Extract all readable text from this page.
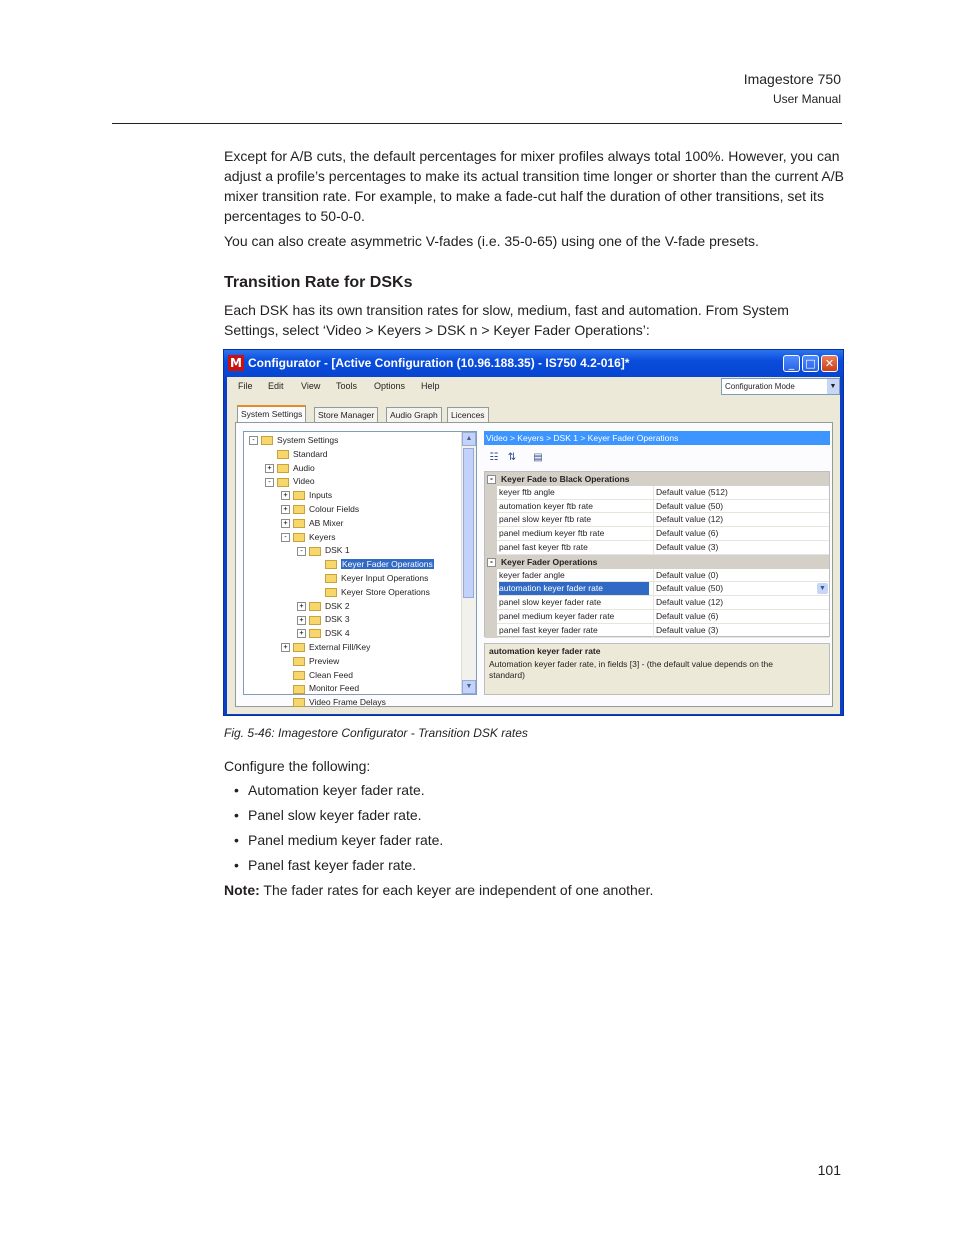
Imagestore 750
User Manual

Except for A/B cuts, the default percentages for mixer profiles always total 100%. However, you can adjust a profile’s percentages to make its actual transition time longer or shorter than the current A/B mixer transition rate. For example, to make a fade-cut half the duration of other transitions, set its percentages to 50-0-0.

You can also create asymmetric V-fades (i.e. 35-0-65) using one of the V-fade presets.

Transition Rate for DSKs

Each DSK has its own transition rates for slow, medium, fast and automation. From System Settings, select ‘Video > Keyers > DSK n > Keyer Fader Operations’:

M Configurator - [Active Configuration (10.96.188.35) - IS750 4.2-016]*	_	□ ✕
File Edit View Tools Options Help	Configuration Mode	▼
System Settings	Store Manager	Audio Graph	Licences
Video Frame Delays
Monitor Feed
Clean Feed
Preview
+	External Fill/Key
+	DSK 4
+	DSK 3
+	DSK 2
Keyer Store Operations
Keyer Input Operations
Keyer Fader Operations
-	DSK 1
-	Keyers
+	AB Mixer
+	Colour Fields
+	Inputs
-	Video
+	Audio
Standard
-	System Settings	▲
▼
Video > Keyers > DSK 1 > Keyer Fader Operations
☷ ⇅	▤
- Keyer Fade to Black Operations
keyer ftb angle	Default value (512)
automation keyer ftb rate	Default value (50)
panel slow keyer ftb rate	Default value (12)
panel medium keyer ftb rate	Default value (6)
panel fast keyer ftb rate	Default value (3)
- Keyer Fader Operations
keyer fader angle	Default value (0)
automation keyer fader rate	Default value (50)	▼
panel slow keyer fader rate	Default value (12)
panel medium keyer fader rate	Default value (6)
panel fast keyer fader rate	Default value (3)
automation keyer fader rate
Automation keyer fader rate, in fields [3] - (the default value depends on the standard)
Fig. 5-46: Imagestore Configurator - Transition DSK rates
Configure the following:
• Automation keyer fader rate.
• Panel slow keyer fader rate.
• Panel medium keyer fader rate.
• Panel fast keyer fader rate.
Note: The fader rates for each keyer are independent of one another.
101
